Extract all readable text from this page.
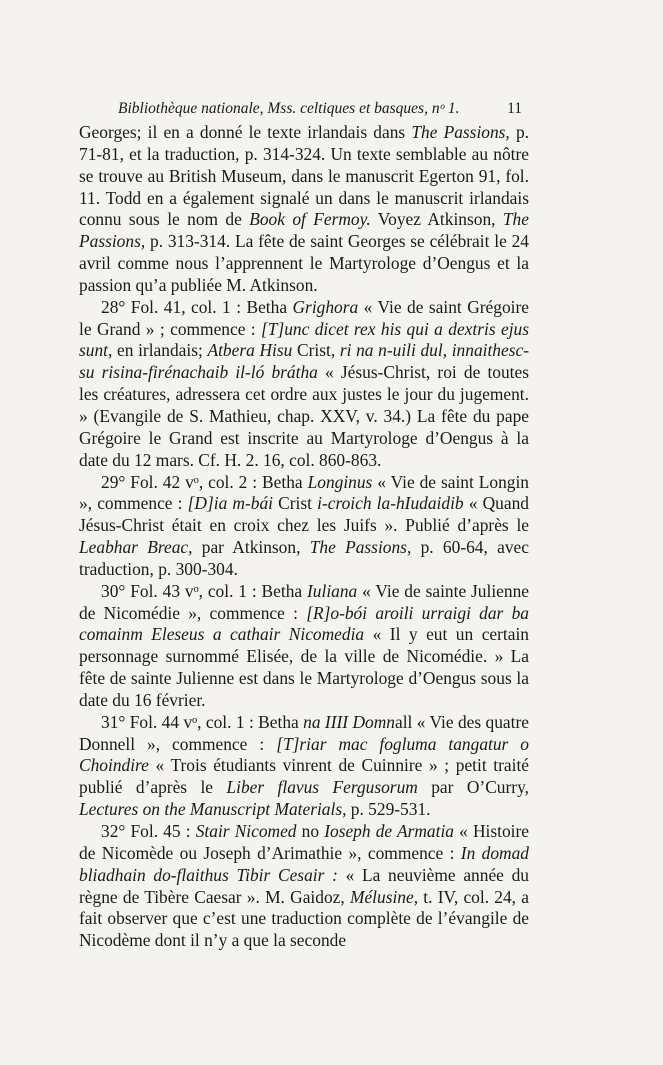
Bibliothèque nationale, Mss. celtiques et basques, nᵒ 1.	11

Georges; il en a donné le texte irlandais dans The Passions, p. 71-81, et la traduction, p. 314-324. Un texte semblable au nôtre se trouve au British Museum, dans le manuscrit Egerton 91, fol. 11. Todd en a également signalé un dans le manuscrit irlandais connu sous le nom de Book of Fermoy. Voyez Atkinson, The Passions, p. 313-314. La fête de saint Georges se célébrait le 24 avril comme nous l’apprennent le Martyrologe d’Oengus et la passion qu’a publiée M. Atkinson.

28° Fol. 41, col. 1 : Betha Grighora « Vie de saint Grégoire le Grand » ; commence : [T]unc dicet rex his qui a dextris ejus sunt, en irlandais; Atbera Hisu Crist, ri na n-uili dul, innaithesc-su risina-firénachaib il-ló brátha « Jésus-Christ, roi de toutes les créatures, adressera cet ordre aux justes le jour du jugement. » (Evangile de S. Mathieu, chap. XXV, v. 34.) La fête du pape Grégoire le Grand est inscrite au Martyrologe d’Oengus à la date du 12 mars. Cf. H. 2. 16, col. 860-863.

29° Fol. 42 vᵒ, col. 2 : Betha Longinus « Vie de saint Longin », commence : [D]ia m-bái Crist i-croich la-hIudaidib « Quand Jésus-Christ était en croix chez les Juifs ». Publié d’après le Leabhar Breac, par Atkinson, The Passions, p. 60-64, avec traduction, p. 300-304.

30° Fol. 43 vᵒ, col. 1 : Betha Iuliana « Vie de sainte Julienne de Nicomédie », commence : [R]o-bói aroili urraigi dar ba comainm Eleseus a cathair Nicomedia « Il y eut un certain personnage surnommé Elisée, de la ville de Nicomédie. » La fête de sainte Julienne est dans le Martyrologe d’Oengus sous la date du 16 février.

31° Fol. 44 vᵒ, col. 1 : Betha na IIII Domnall « Vie des quatre Donnell », commence : [T]riar mac fogluma tangatur o Choindire « Trois étudiants vinrent de Cuinnire » ; petit traité publié d’après le Liber flavus Fergusorum par O’Curry, Lectures on the Manuscript Materials, p. 529-531.

32° Fol. 45 : Stair Nicomed no Ioseph de Armatia « Histoire de Nicomède ou Joseph d’Arimathie », commence : In domad bliadhain do-flaithus Tibir Cesair : « La neuvième année du règne de Tibère Caesar ». M. Gaidoz, Mélusine, t. IV, col. 24, a fait observer que c’est une traduction complète de l’évangile de Nicodème dont il n’y a que la seconde
